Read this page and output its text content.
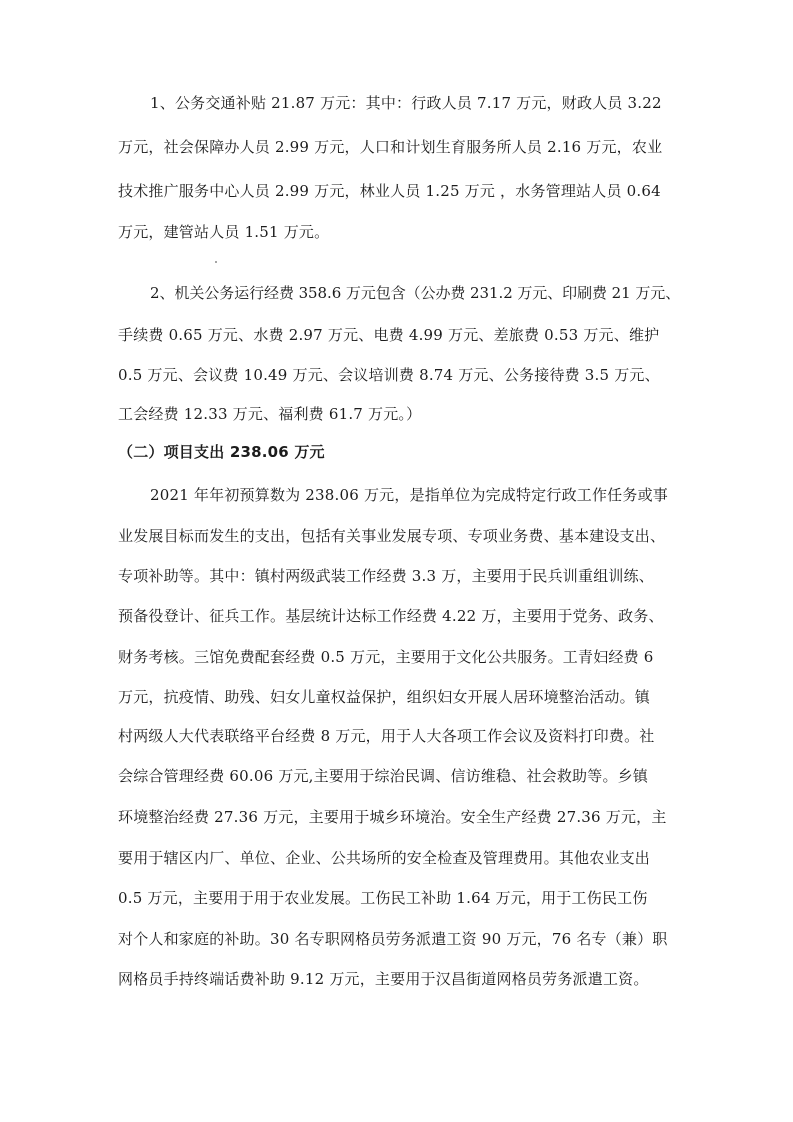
1、公务交通补贴 21.87 万元：其中：行政人员 7.17 万元，财政人员 3.22
万元，社会保障办人员 2.99 万元，人口和计划生育服务所人员 2.16 万元，农业
技术推广服务中心人员 2.99 万元，林业人员 1.25 万元 ，水务管理站人员 0.64
万元，建管站人员 1.51 万元。
2、机关公务运行经费 358.6 万元包含（公办费 231.2 万元、印刷费 21 万元、
手续费 0.65 万元、水费 2.97 万元、电费 4.99 万元、差旅费 0.53 万元、维护
0.5 万元、会议费 10.49 万元、会议培训费 8.74 万元、公务接待费 3.5 万元、
工会经费 12.33 万元、福利费 61.7 万元。）
（二）项目支出 238.06 万元
2021 年年初预算数为 238.06 万元，是指单位为完成特定行政工作任务或事
业发展目标而发生的支出，包括有关事业发展专项、专项业务费、基本建设支出、
专项补助等。其中：镇村两级武装工作经费 3.3 万，主要用于民兵训重组训练、
预备役登计、征兵工作。基层统计达标工作经费 4.22 万，主要用于党务、政务、
财务考核。三馆免费配套经费 0.5 万元，主要用于文化公共服务。工青妇经费 6
万元，抗疫情、助残、妇女儿童权益保护，组织妇女开展人居环境整治活动。镇
村两级人大代表联络平台经费 8 万元，用于人大各项工作会议及资料打印费。社
会综合管理经费 60.06 万元,主要用于综治民调、信访维稳、社会救助等。乡镇
环境整治经费 27.36 万元，主要用于城乡环境治。安全生产经费 27.36 万元，主
要用于辖区内厂、单位、企业、公共场所的安全检查及管理费用。其他农业支出
0.5 万元，主要用于用于农业发展。工伤民工补助 1.64 万元，用于工伤民工伤
对个人和家庭的补助。30 名专职网格员劳务派遣工资 90 万元，76 名专（兼）职
网格员手持终端话费补助 9.12 万元，主要用于汉昌街道网格员劳务派遣工资。
